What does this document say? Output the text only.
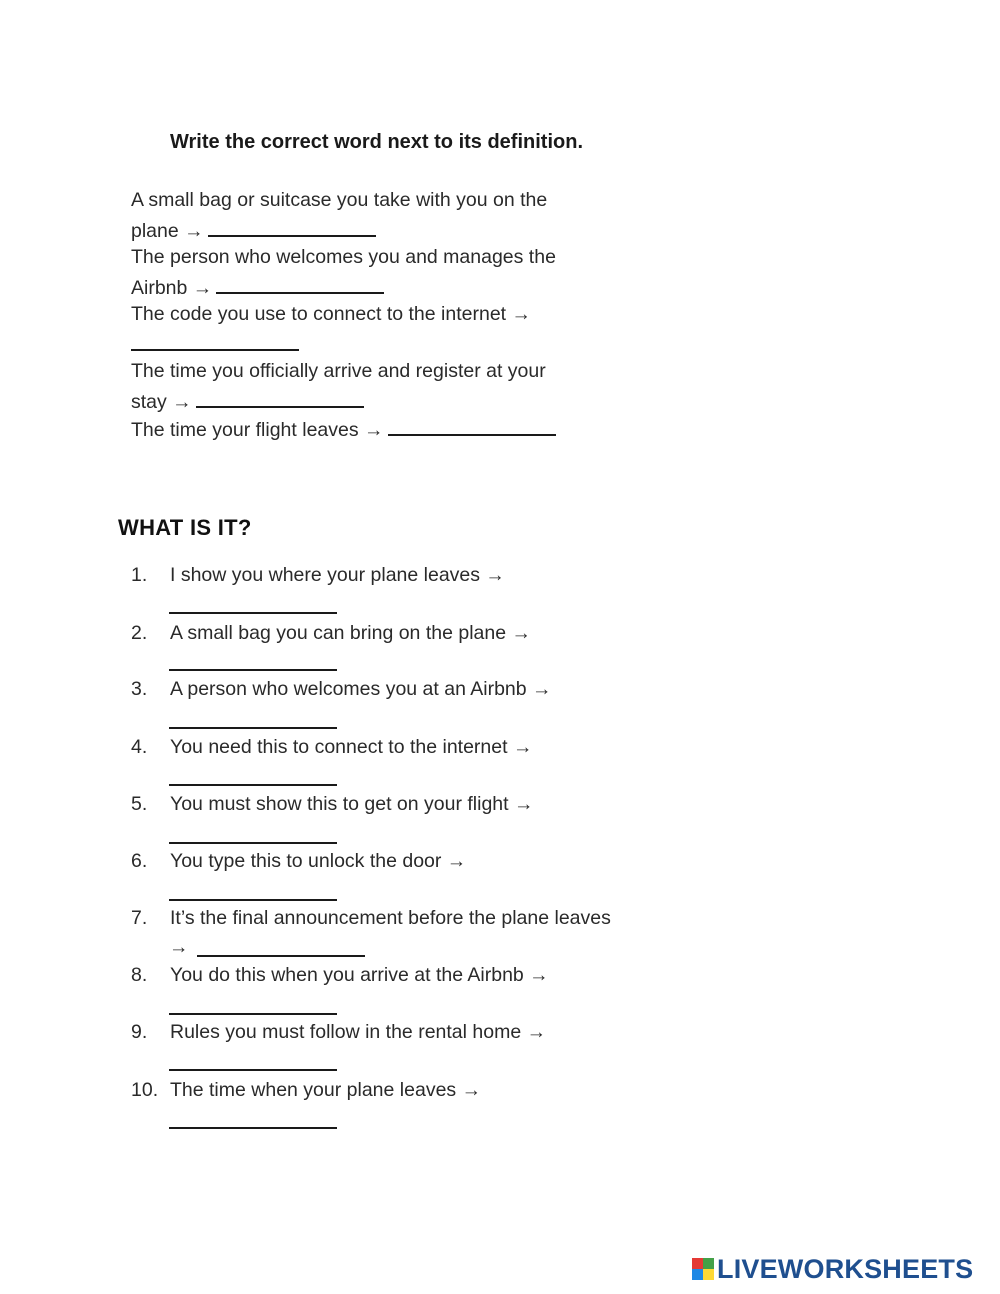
Write the correct word next to its definition.
A small bag or suitcase you take with you on the
plane →
The person who welcomes you and manages the
Airbnb →
The code you use to connect to the internet →
The time you officially arrive and register at your
stay →
The time your flight leaves →
WHAT IS IT?
1. I show you where your plane leaves →
2. A small bag you can bring on the plane →
3. A person who welcomes you at an Airbnb →
4. You need this to connect to the internet →
5. You must show this to get on your flight →
6. You type this to unlock the door →
7. It’s the final announcement before the plane leaves
→
8. You do this when you arrive at the Airbnb →
9. Rules you must follow in the rental home →
10. The time when your plane leaves →
LIVEWORKSHEETS
